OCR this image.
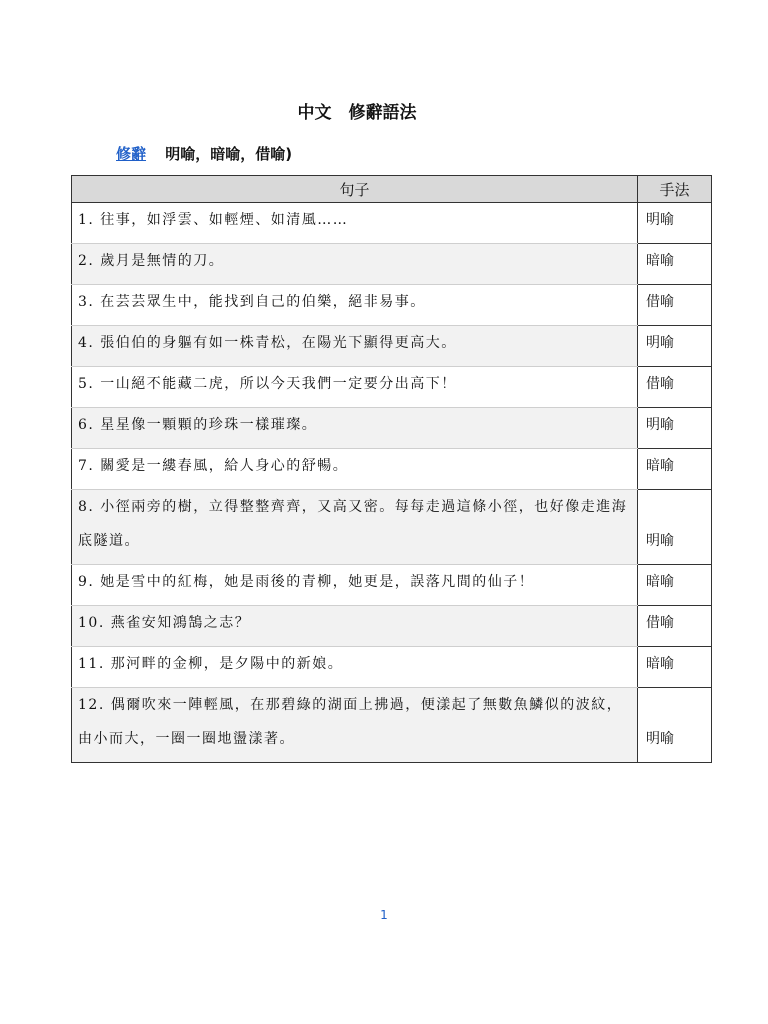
中文　修辭語法
修辭 明喻，暗喻，借喻)
句子	手法
1. 往事，如浮雲、如輕煙、如清風……	明喻
2. 歲月是無情的刀。	暗喻
3. 在芸芸眾生中，能找到自己的伯樂，絕非易事。	借喻
4. 張伯伯的身軀有如一株青松，在陽光下顯得更高大。	明喻
5. 一山絕不能藏二虎，所以今天我們一定要分出高下！	借喻
6. 星星像一顆顆的珍珠一樣璀璨。	明喻
7. 關愛是一縷春風，給人身心的舒暢。	暗喻
8. 小徑兩旁的樹，立得整整齊齊，又高又密。每每走過這條小徑，也好像走進海底隧道。	明喻
9. 她是雪中的紅梅，她是雨後的青柳，她更是，誤落凡間的仙子！	暗喻
10. 燕雀安知鴻鵠之志？	借喻
11. 那河畔的金柳，是夕陽中的新娘。	暗喻
12. 偶爾吹來一陣輕風，在那碧綠的湖面上拂過，便漾起了無數魚鱗似的波紋，由小而大，一圈一圈地盪漾著。	明喻
1
